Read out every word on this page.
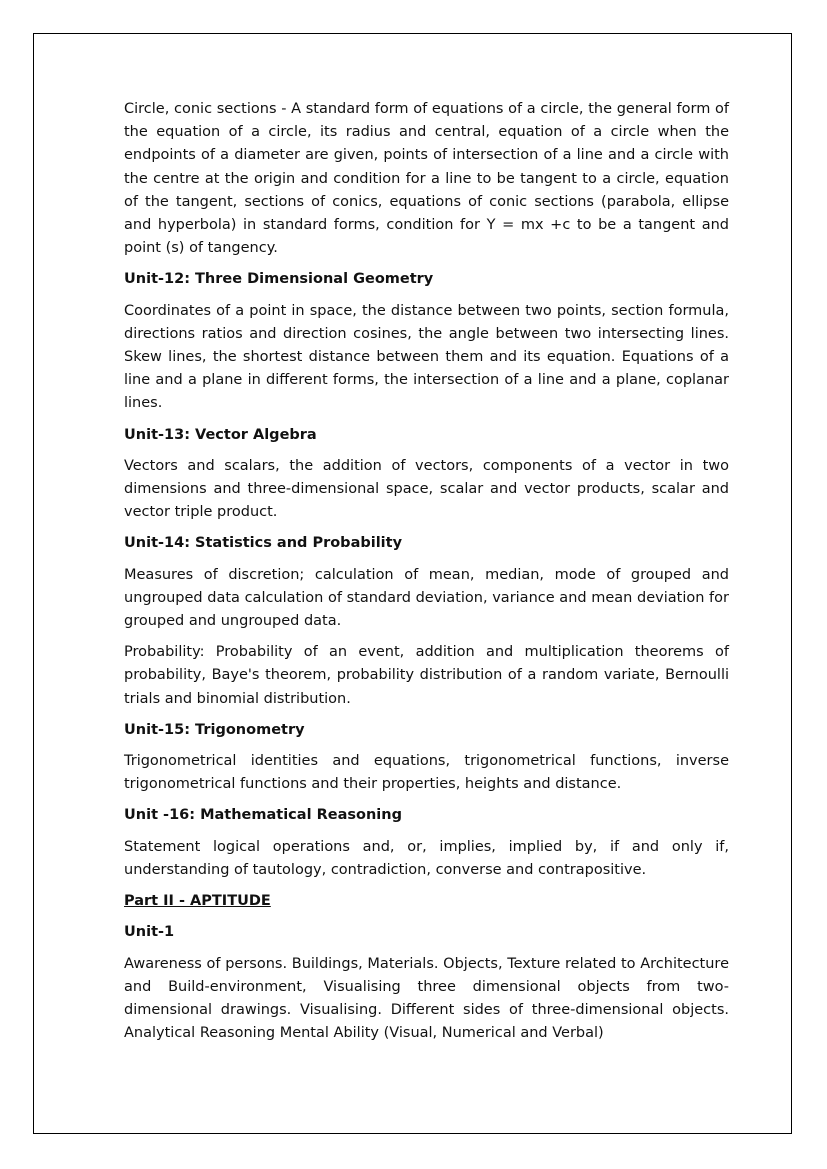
Circle, conic sections - A standard form of equations of a circle, the general form of the equation of a circle, its radius and central, equation of a circle when the endpoints of a diameter are given, points of intersection of a line and a circle with the centre at the origin and condition for a line to be tangent to a circle, equation of the tangent, sections of conics, equations of conic sections (parabola, ellipse and hyperbola) in standard forms, condition for Y = mx +c to be a tangent and point (s) of tangency.

Unit-12: Three Dimensional Geometry

Coordinates of a point in space, the distance between two points, section formula, directions ratios and direction cosines, the angle between two intersecting lines. Skew lines, the shortest distance between them and its equation. Equations of a line and a plane in different forms, the intersection of a line and a plane, coplanar lines.

Unit-13: Vector Algebra

Vectors and scalars, the addition of vectors, components of a vector in two dimensions and three-dimensional space, scalar and vector products, scalar and vector triple product.

Unit-14: Statistics and Probability

Measures of discretion; calculation of mean, median, mode of grouped and ungrouped data calculation of standard deviation, variance and mean deviation for grouped and ungrouped data.

Probability: Probability of an event, addition and multiplication theorems of probability, Baye's theorem, probability distribution of a random variate, Bernoulli trials and binomial distribution.

Unit-15: Trigonometry

Trigonometrical identities and equations, trigonometrical functions, inverse trigonometrical functions and their properties, heights and distance.

Unit -16: Mathematical Reasoning

Statement logical operations and, or, implies, implied by, if and only if, understanding of tautology, contradiction, converse and contrapositive.

Part II - APTITUDE

Unit-1

Awareness of persons. Buildings, Materials. Objects, Texture related to Architecture and Build-environment, Visualising three dimensional objects from two-dimensional drawings. Visualising. Different sides of three-dimensional objects. Analytical Reasoning Mental Ability (Visual, Numerical and Verbal)
